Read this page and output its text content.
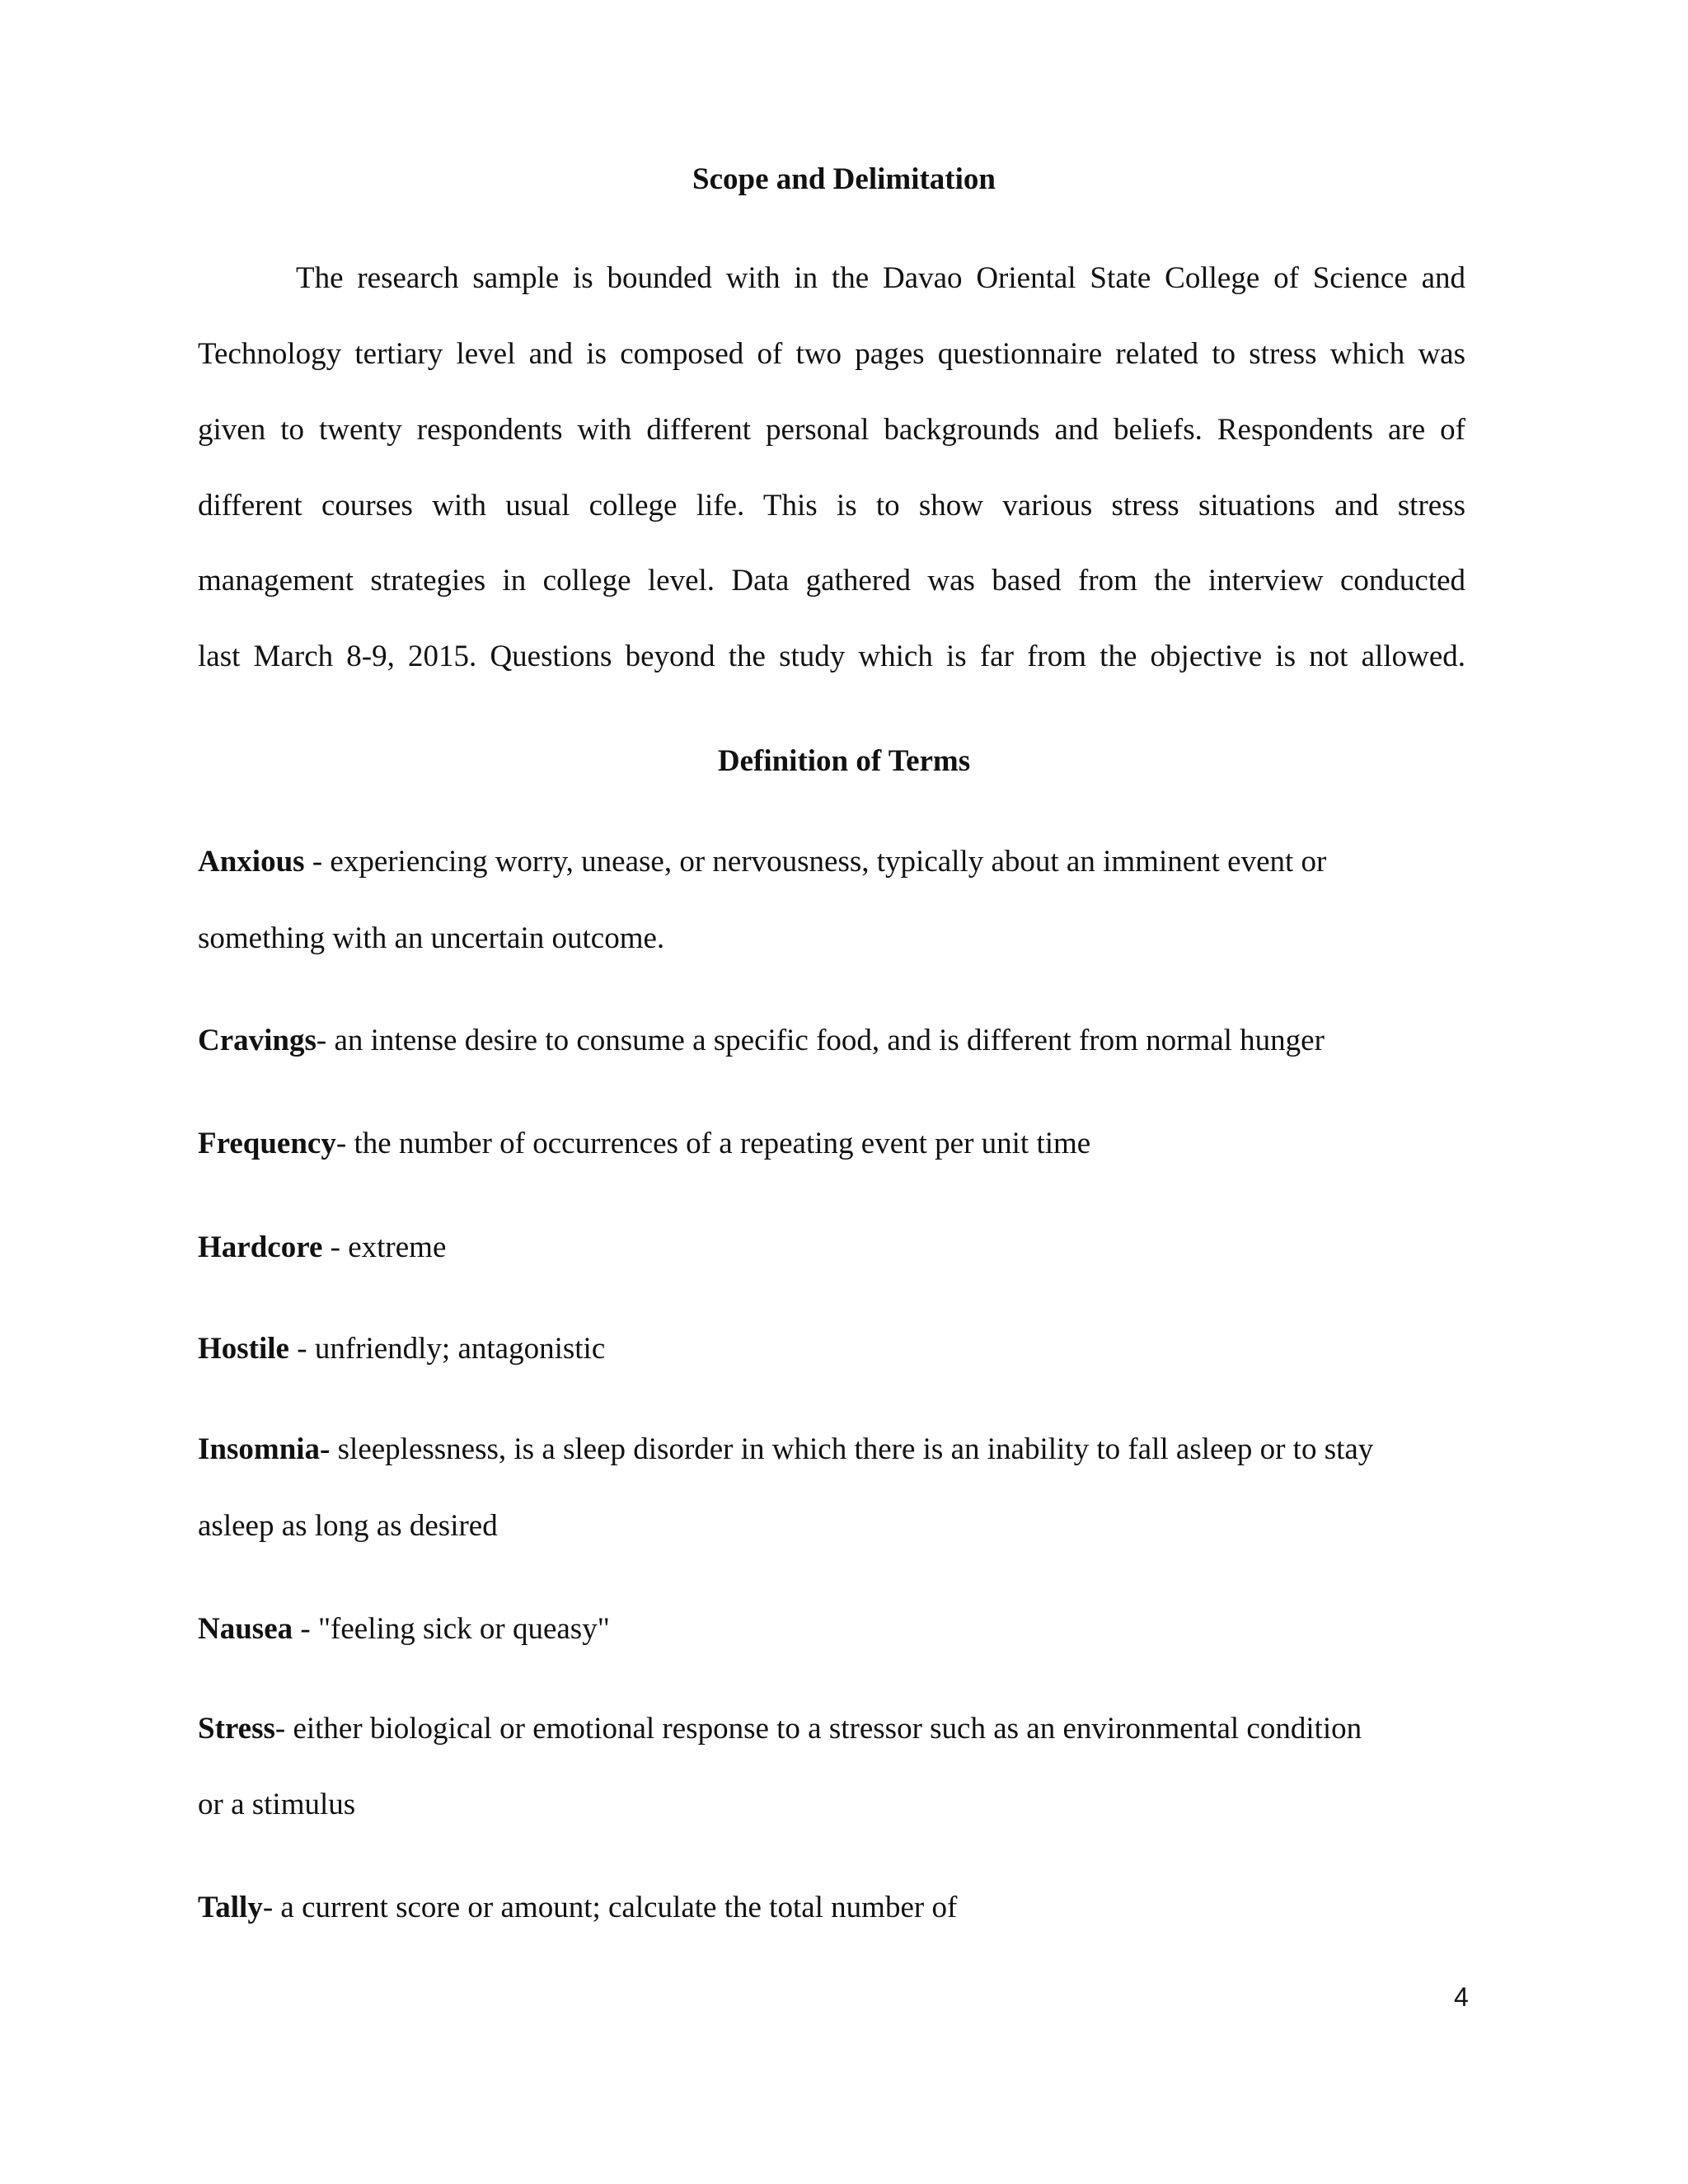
Scope and Delimitation
The research sample is bounded with in the Davao Oriental State College of Science and
Technology tertiary level and is composed of two pages questionnaire related to stress which was
given to twenty respondents with different personal backgrounds and beliefs. Respondents are of
different courses with usual college life. This is to show various stress situations and stress
management strategies in college level. Data gathered was based from the interview conducted
last March 8-9, 2015. Questions beyond the study which is far from the objective is not allowed.
Definition of Terms
Anxious - experiencing worry, unease, or nervousness, typically about an imminent event or
something with an uncertain outcome.
Cravings- an intense desire to consume a specific food, and is different from normal hunger
Frequency- the number of occurrences of a repeating event per unit time
Hardcore - extreme
Hostile - unfriendly; antagonistic
Insomnia- sleeplessness, is a sleep disorder in which there is an inability to fall asleep or to stay
asleep as long as desired
Nausea - "feeling sick or queasy"
Stress- either biological or emotional response to a stressor such as an environmental condition
or a stimulus
Tally- a current score or amount; calculate the total number of
4
